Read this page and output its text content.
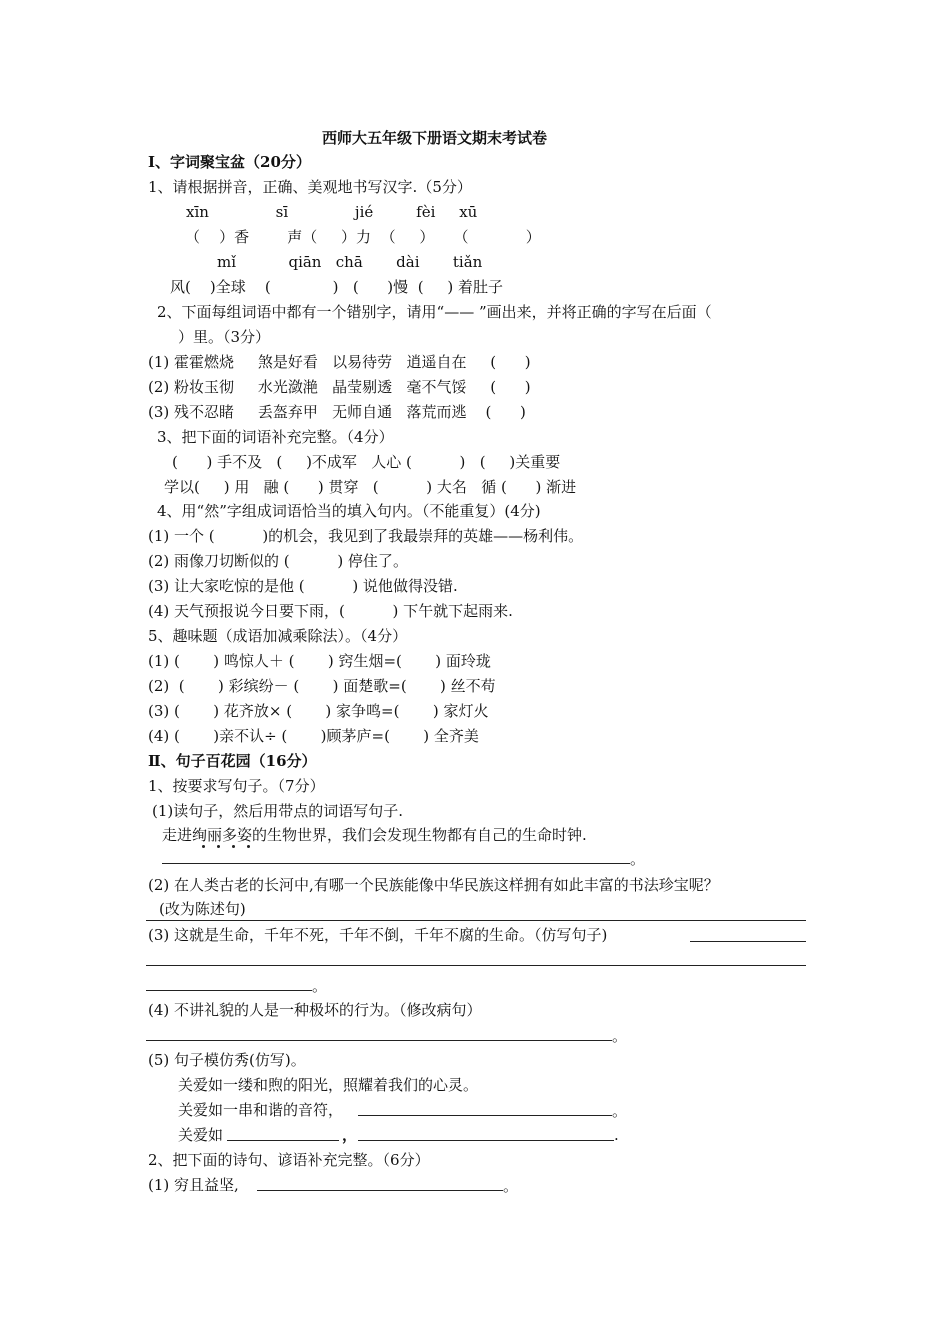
西师大五年级下册语文期末考试卷
Ⅰ、字词聚宝盆（20分）
1、请根据拼音，正确、美观地书写汉字.（5分）
xīn              sī              jié         fèi     xū
（    ）香        声（     ）力  （     ）    （            ）
mǐ           qiān   chā       dài       tiǎn
风(    )全球    (             )   (      )慢  (     ) 着肚子
2、下面每组词语中都有一个错别字，请用“—— ”画出来，并将正确的字写在后面（
）里。（3分）
(1) 霍霍燃烧     煞是好看   以易待劳   逍遥自在     (      )
(2) 粉妆玉彻     水光潋滟   晶莹剔透   毫不气馁     (      )
(3) 残不忍睹     丢盔弃甲   无师自通   落荒而逃    (      )
3、把下面的词语补充完整。（4分）
(      ) 手不及   (     )不成军   人心 (          )   (     )关重要
学以(     ) 用   融 (      ) 贯穿   (          ) 大名   循 (      ) 渐进
4、用“然”字组成词语恰当的填入句内。（不能重复）(4分)
(1) 一个 (          )的机会，我见到了我最崇拜的英雄——杨利伟。
(2) 雨像刀切断似的 (          ) 停住了。
(3) 让大家吃惊的是他 (          ) 说他做得没错.
(4) 天气预报说今日要下雨，(          ) 下午就下起雨来.
5、趣味题（成语加减乘除法）。（4分）
(1) (       ) 鸣惊人＋ (       ) 窍生烟=(       ) 面玲珑
(2)  (       ) 彩缤纷－ (       ) 面楚歌=(       ) 丝不苟
(3) (       ) 花齐放× (       ) 家争鸣=(       ) 家灯火
(4) (       )亲不认÷ (       )顾茅庐=(       ) 全齐美
Ⅱ、句子百花园（16分）
1、按要求写句子。（7分）
(1)读句子，然后用带点的词语写句子.
走进绚丽多姿的生物世界，我们会发现生物都有自己的生命时钟.
。
(2) 在人类古老的长河中,有哪一个民族能像中华民族这样拥有如此丰富的书法珍宝呢？
(改为陈述句)
(3) 这就是生命，千年不死，千年不倒，千年不腐的生命。（仿写句子)
。
(4) 不讲礼貌的人是一种极坏的行为。（修改病句）
。
(5) 句子模仿秀(仿写)。
关爱如一缕和煦的阳光，照耀着我们的心灵。
关爱如一串和谐的音符，	。
关爱如	，	.
2、把下面的诗句、谚语补充完整。（6分）
(1) 穷且益坚,	。
